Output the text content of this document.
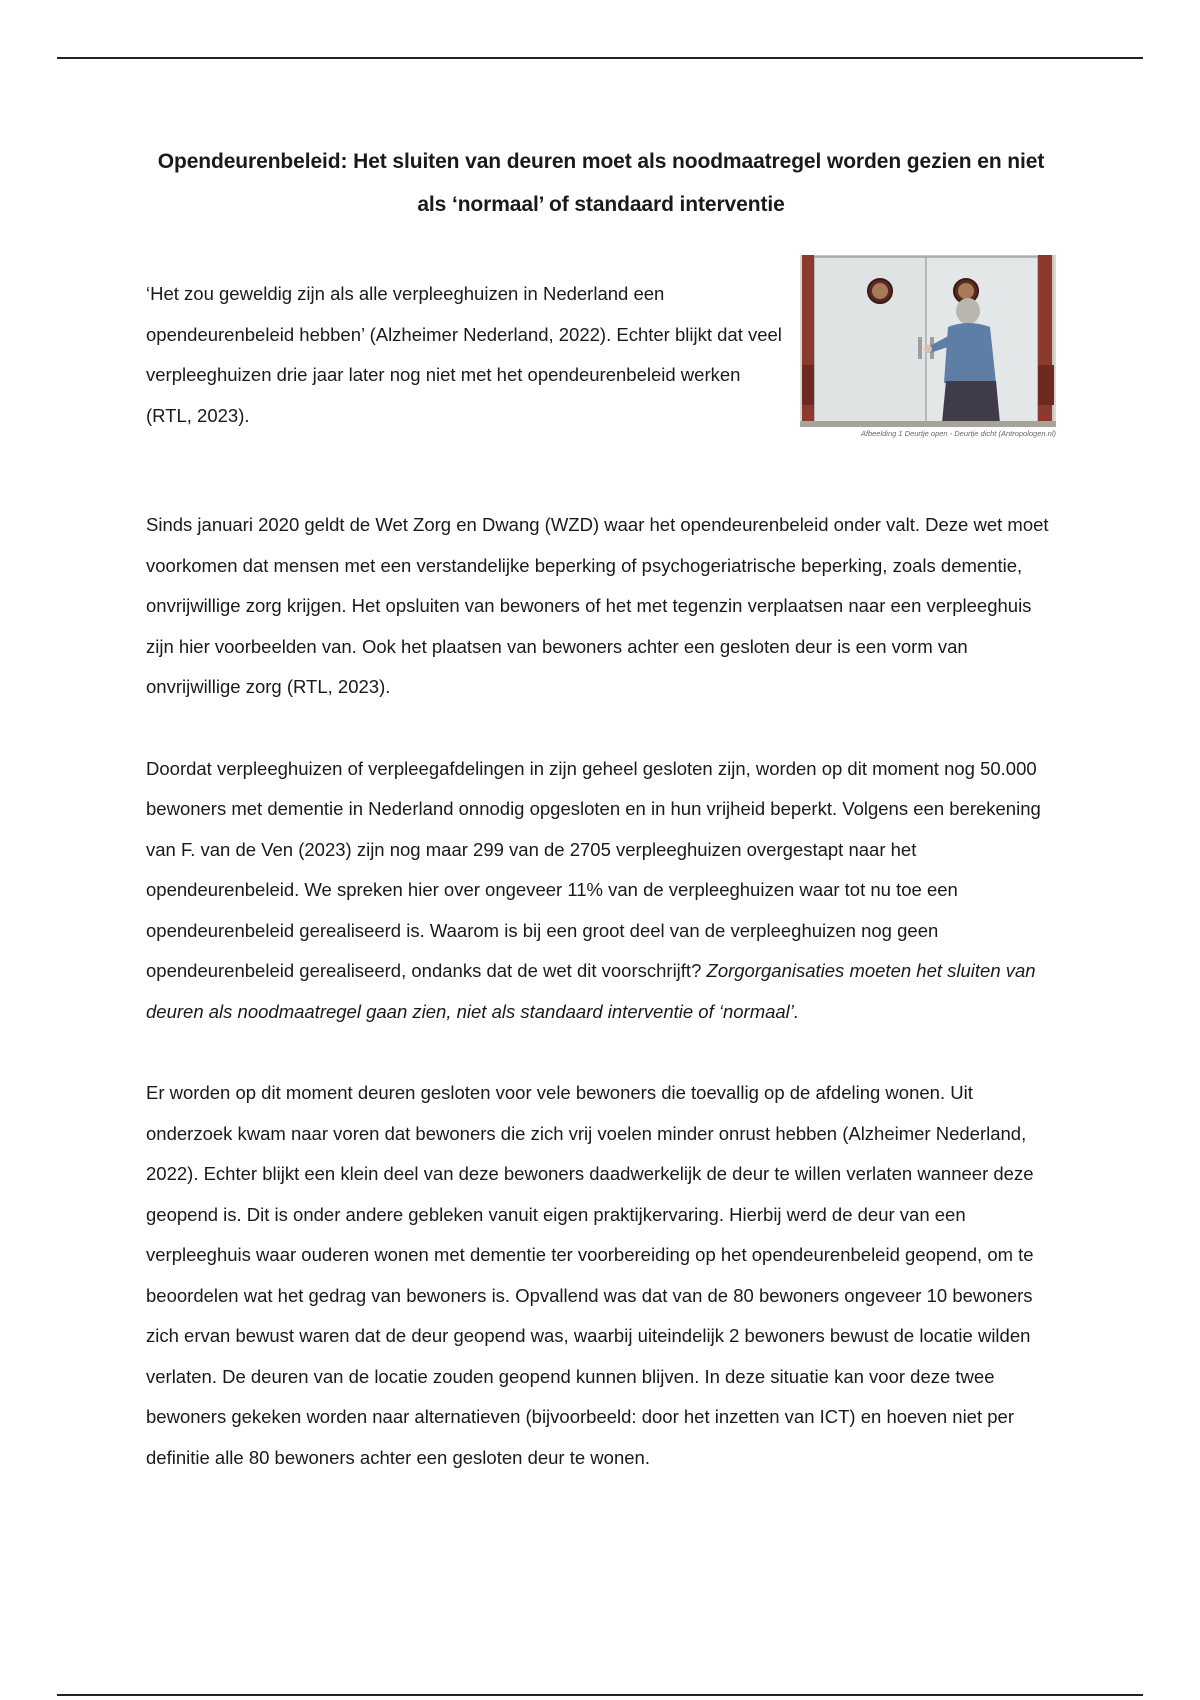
Opendeurenbeleid: Het sluiten van deuren moet als noodmaatregel worden gezien en niet als ‘normaal’ of standaard interventie

‘Het zou geweldig zijn als alle verpleeghuizen in Nederland een opendeurenbeleid hebben’ (Alzheimer Nederland, 2022). Echter blijkt dat veel verpleeghuizen drie jaar later nog niet met het opendeurenbeleid werken (RTL, 2023).

Afbeelding 1 Deurtje open - Deurtje dicht (Antropologen.nl)

Sinds januari 2020 geldt de Wet Zorg en Dwang (WZD) waar het opendeurenbeleid onder valt. Deze wet moet voorkomen dat mensen met een verstandelijke beperking of psychogeriatrische beperking, zoals dementie, onvrijwillige zorg krijgen. Het opsluiten van bewoners of het met tegenzin verplaatsen naar een verpleeghuis zijn hier voorbeelden van. Ook het plaatsen van bewoners achter een gesloten deur is een vorm van onvrijwillige zorg (RTL, 2023).

Doordat verpleeghuizen of verpleegafdelingen in zijn geheel gesloten zijn, worden op dit moment nog 50.000 bewoners met dementie in Nederland onnodig opgesloten en in hun vrijheid beperkt. Volgens een berekening van F. van de Ven (2023) zijn nog maar 299 van de 2705 verpleeghuizen overgestapt naar het opendeurenbeleid. We spreken hier over ongeveer 11% van de verpleeghuizen waar tot nu toe een opendeurenbeleid gerealiseerd is. Waarom is bij een groot deel van de verpleeghuizen nog geen opendeurenbeleid gerealiseerd, ondanks dat de wet dit voorschrijft? Zorgorganisaties moeten het sluiten van deuren als noodmaatregel gaan zien, niet als standaard interventie of ‘normaal’.

Er worden op dit moment deuren gesloten voor vele bewoners die toevallig op de afdeling wonen. Uit onderzoek kwam naar voren dat bewoners die zich vrij voelen minder onrust hebben (Alzheimer Nederland, 2022). Echter blijkt een klein deel van deze bewoners daadwerkelijk de deur te willen verlaten wanneer deze geopend is. Dit is onder andere gebleken vanuit eigen praktijkervaring. Hierbij werd de deur van een verpleeghuis waar ouderen wonen met dementie ter voorbereiding op het opendeurenbeleid geopend, om te beoordelen wat het gedrag van bewoners is. Opvallend was dat van de 80 bewoners ongeveer 10 bewoners zich ervan bewust waren dat de deur geopend was, waarbij uiteindelijk 2 bewoners bewust de locatie wilden verlaten. De deuren van de locatie zouden geopend kunnen blijven. In deze situatie kan voor deze twee bewoners gekeken worden naar alternatieven (bijvoorbeeld: door het inzetten van ICT) en hoeven niet per definitie alle 80 bewoners achter een gesloten deur te wonen.
